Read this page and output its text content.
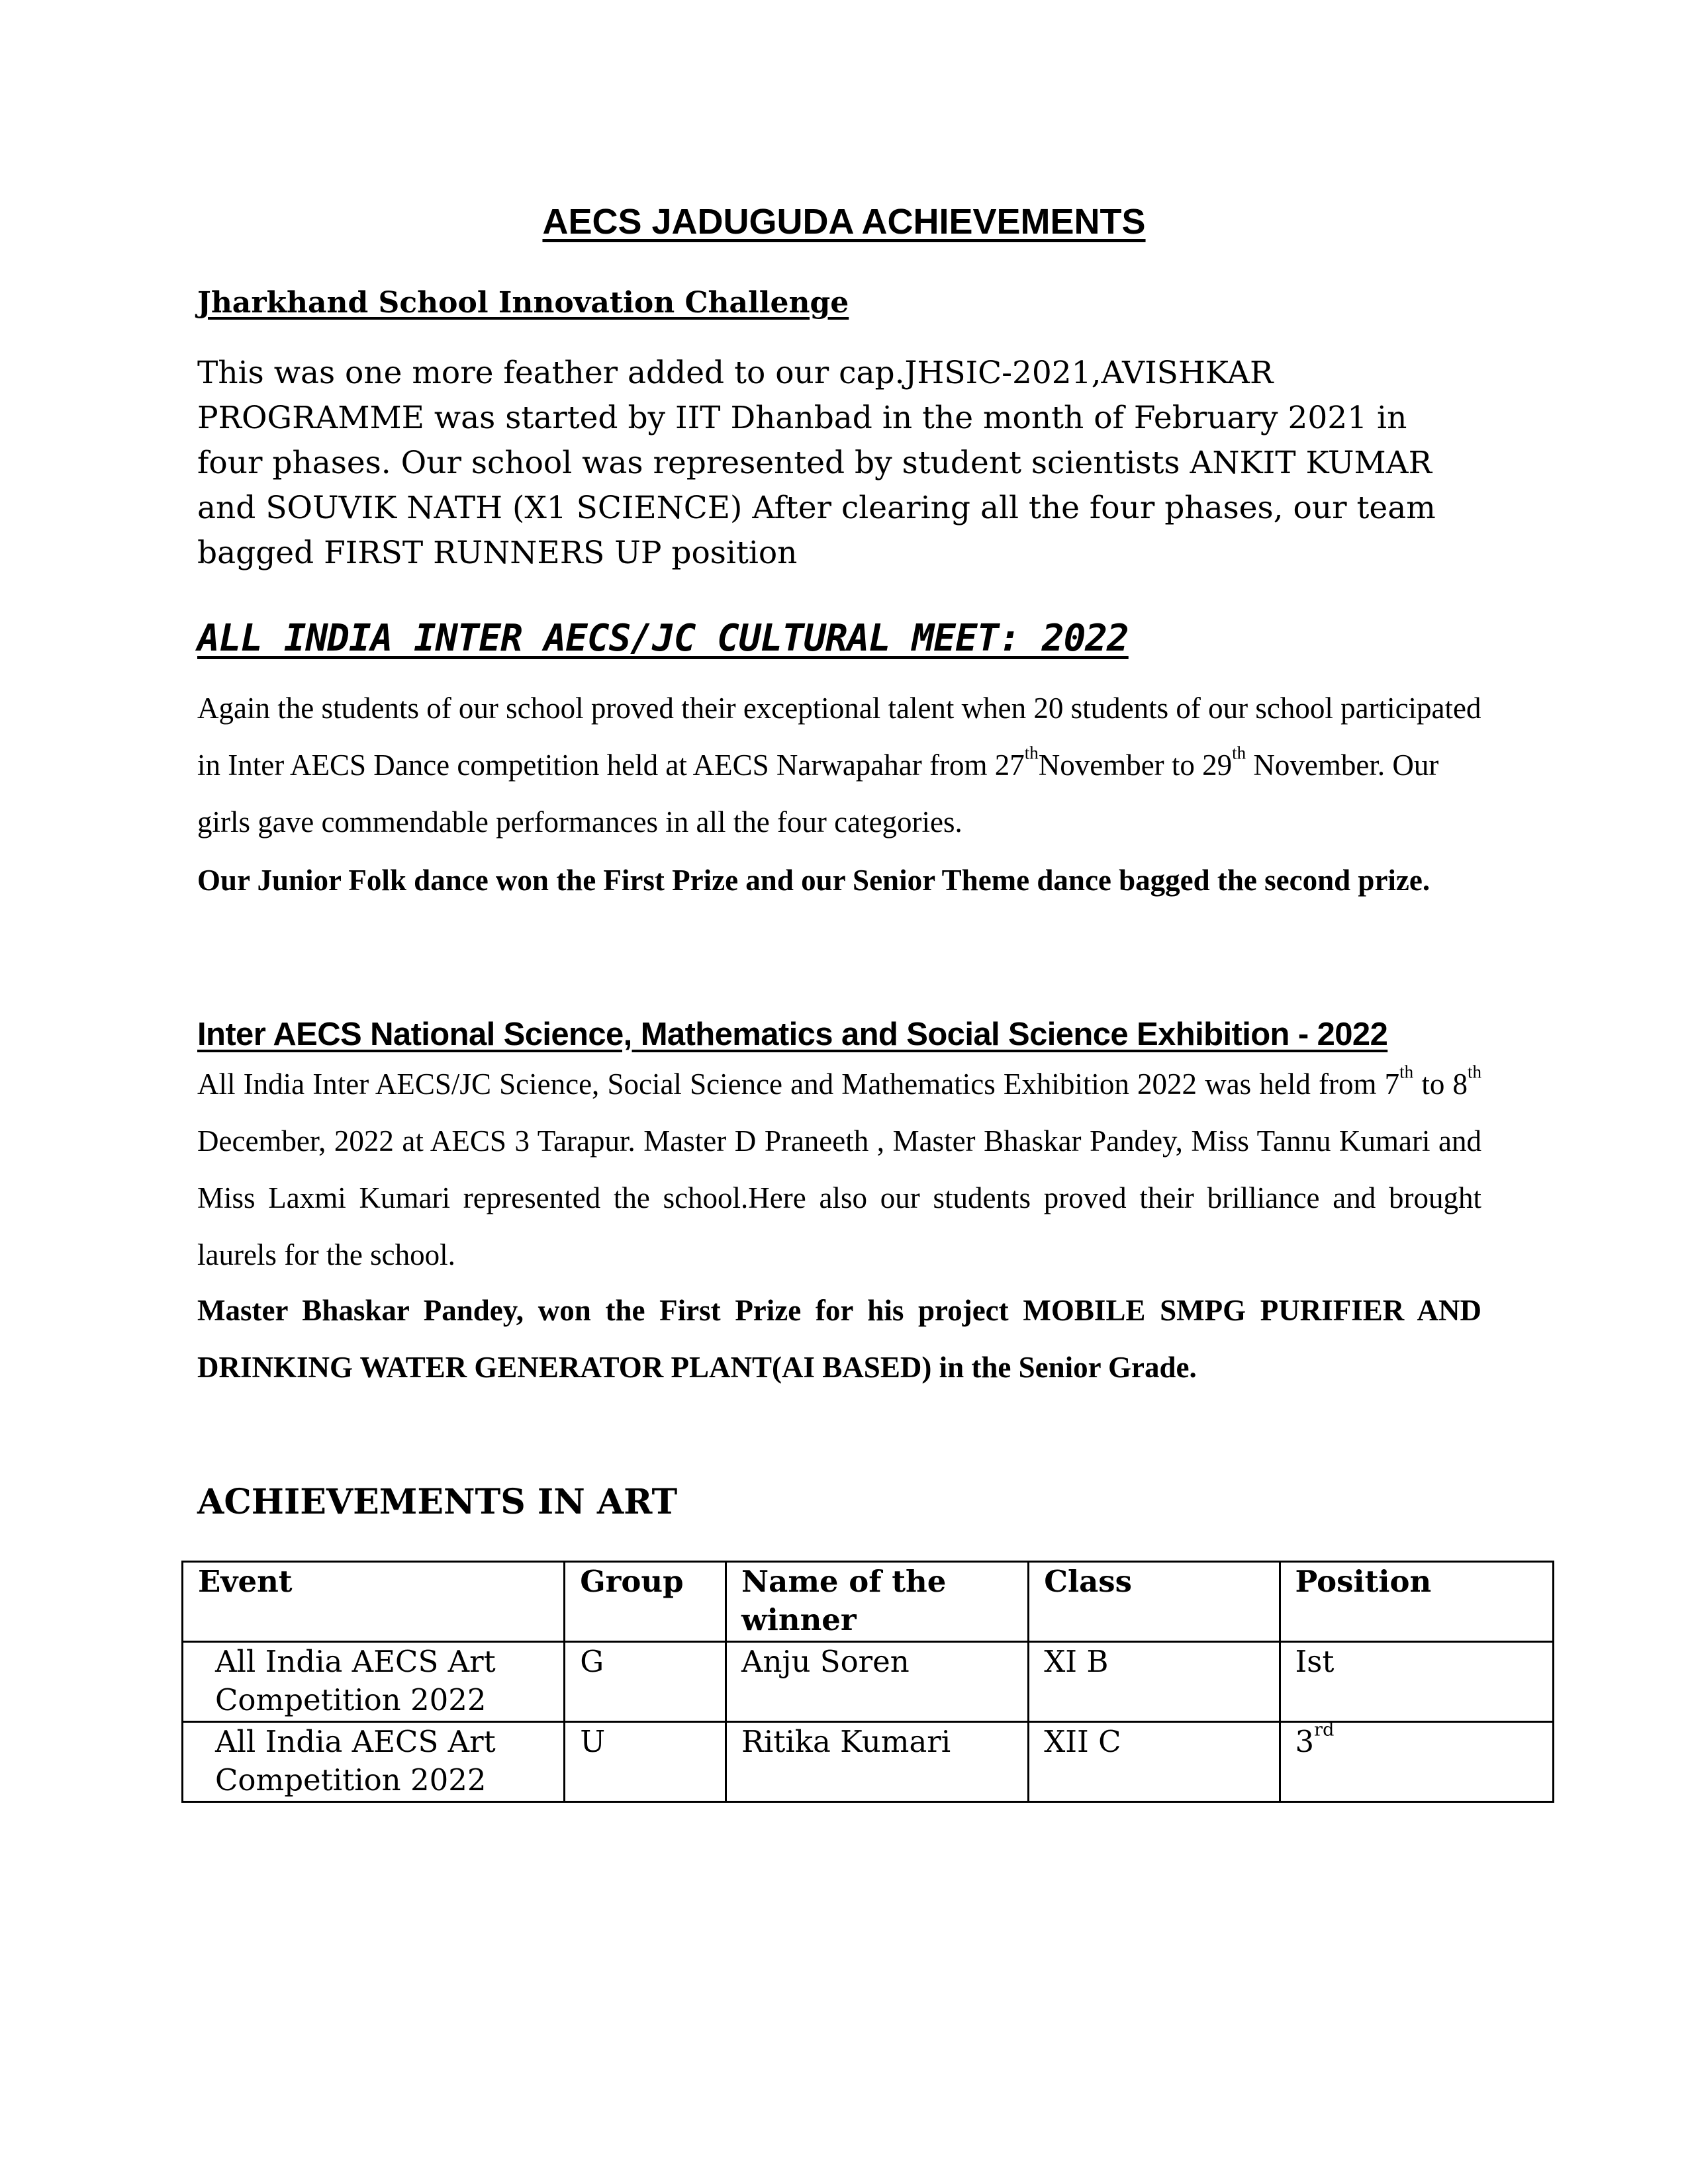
AECS JADUGUDA ACHIEVEMENTS
Jharkhand School Innovation Challenge

This was one more feather added to our cap.JHSIC-2021,AVISHKAR PROGRAMME was started by IIT Dhanbad in the month of February 2021 in four phases. Our school was represented by student scientists ANKIT KUMAR and SOUVIK NATH (X1 SCIENCE) After clearing all the four phases, our team bagged FIRST RUNNERS UP position

ALL INDIA INTER AECS/JC CULTURAL MEET: 2022

Again the students of our school proved their exceptional talent when 20 students of our school participated in Inter AECS Dance competition held at AECS Narwapahar from 27thNovember to 29th November. Our girls gave commendable performances in all the four categories.

Our Junior Folk dance won the First Prize and our Senior Theme dance bagged the second prize.

Inter AECS National Science, Mathematics and Social Science Exhibition - 2022

All India Inter AECS/JC Science, Social Science and Mathematics Exhibition 2022 was held from 7th to 8th December, 2022 at AECS 3 Tarapur. Master D Praneeth , Master Bhaskar Pandey, Miss Tannu Kumari and Miss Laxmi Kumari represented the school.Here also our students proved their brilliance and brought laurels for the school.

Master Bhaskar Pandey, won the First Prize for his project MOBILE SMPG PURIFIER AND DRINKING WATER GENERATOR PLANT(AI BASED) in the Senior Grade.

ACHIEVEMENTS IN ART
Event	Group	Name of the winner	Class	Position
All India AECS Art Competition 2022	G	Anju Soren	XI B	Ist
All India AECS Art Competition 2022	U	Ritika Kumari	XII C	3rd
